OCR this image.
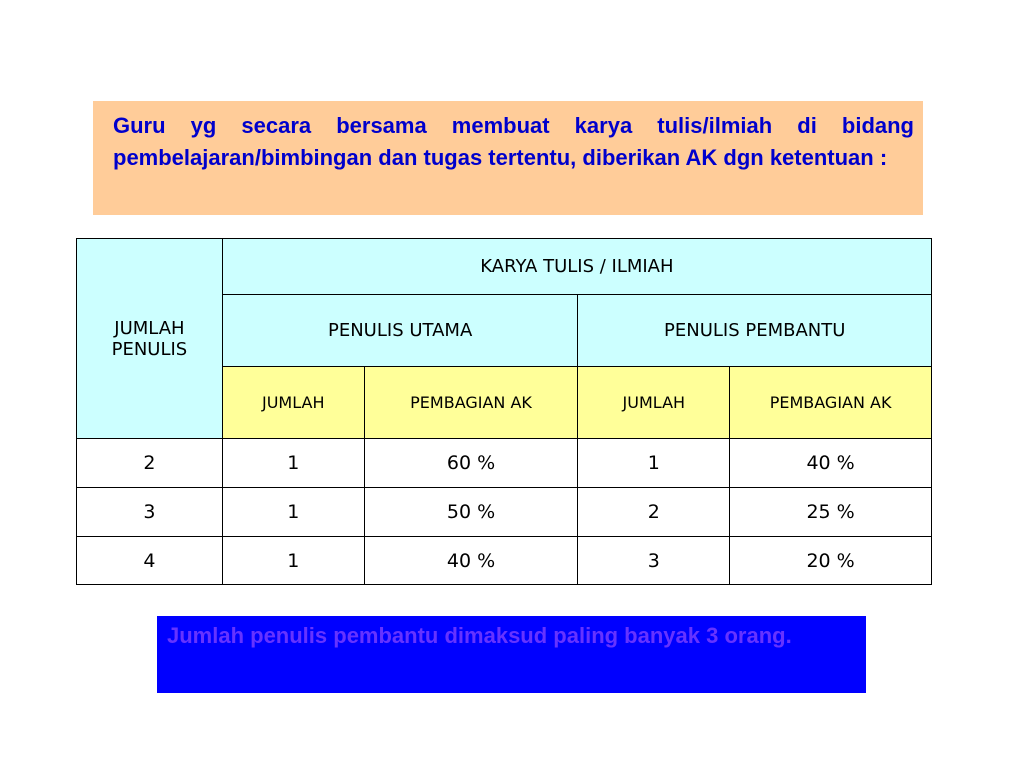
Guru yg secara bersama membuat karya tulis/ilmiah di bidang pembelajaran/bimbingan dan tugas tertentu, diberikan AK dgn ketentuan :

JUMLAH PENULIS	KARYA TULIS / ILMIAH			
	PENULIS UTAMA		PENULIS PEMBANTU	
	JUMLAH	PEMBAGIAN AK	JUMLAH	PEMBAGIAN AK
2	1	60 %	1	40 %
3	1	50 %	2	25 %
4	1	40 %	3	20 %

Jumlah penulis pembantu dimaksud paling banyak 3 orang.
